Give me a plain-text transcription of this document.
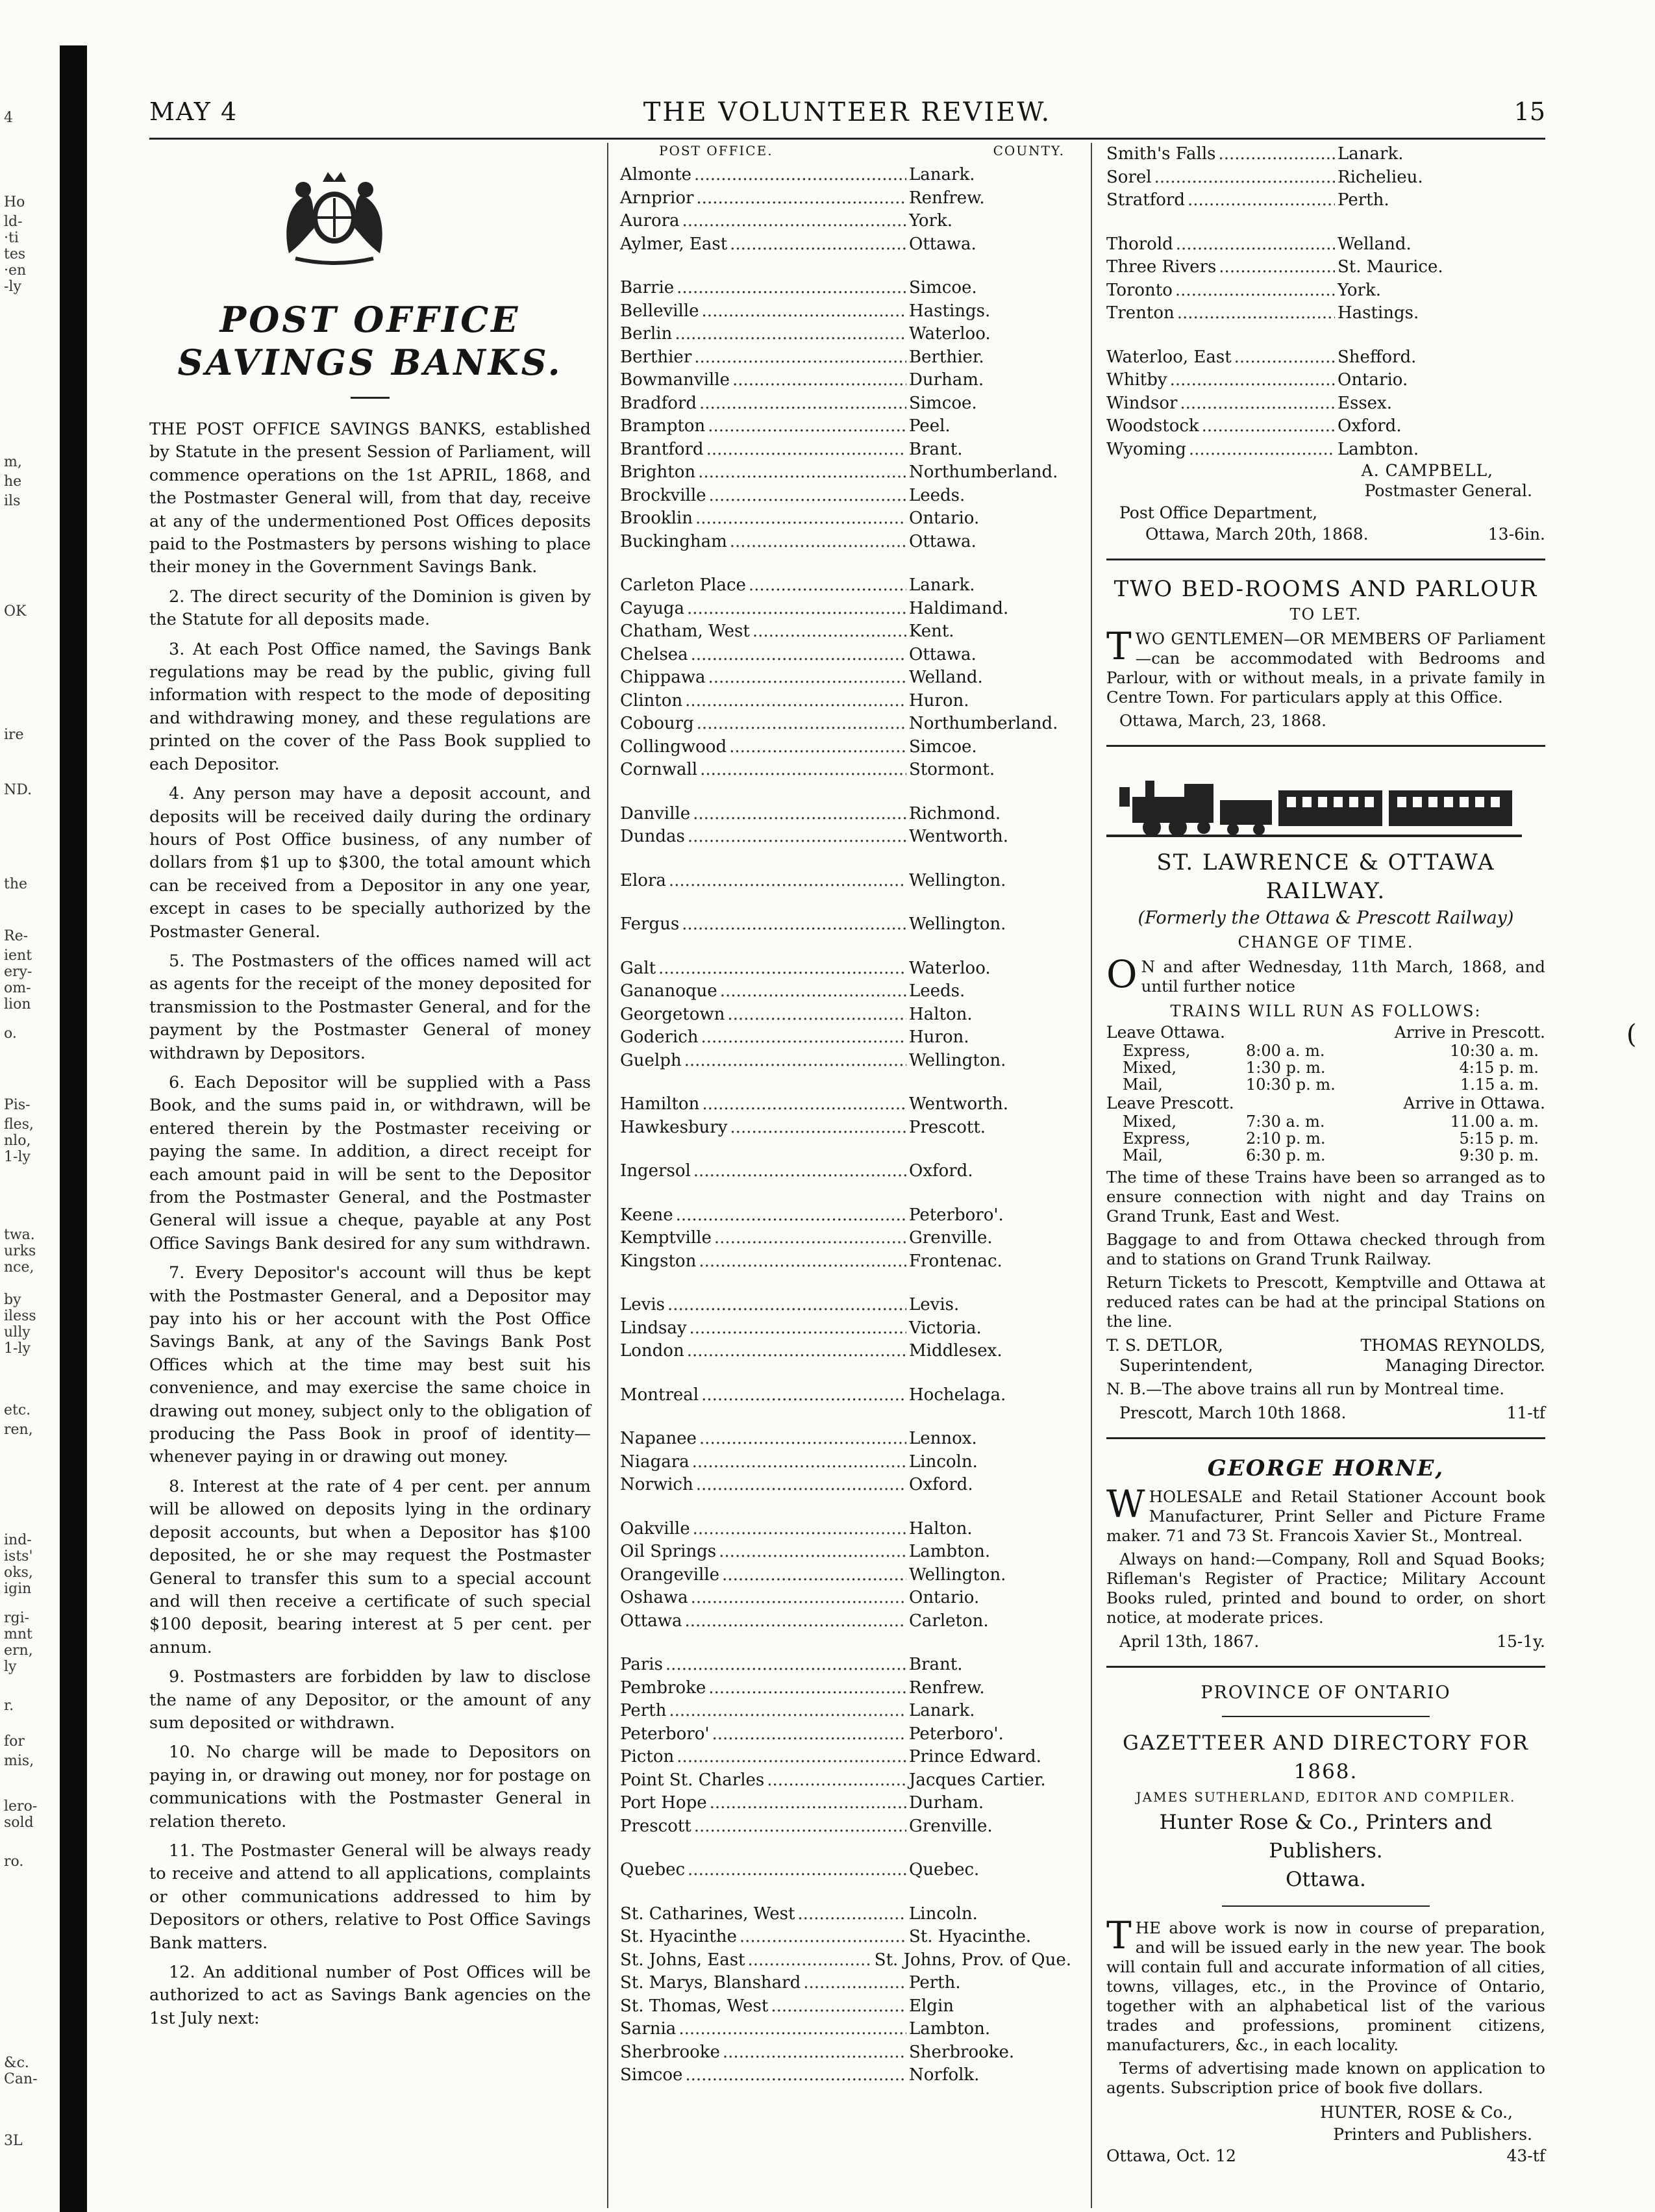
4
Ho
ld-
·ti
tes
·en
-ly
m,
he
ils
OK
ire
ND.
the
Re-
ient
ery-
om-
lion
o.
Pis-
fles,
nlo,
1-ly
twa.
urks
nce,
by
iless
ully
1-ly
etc.
ren,
ind-
ists'
oks,
igin
rgi-
mnt
ern,
ly
r.
for
mis,
lero-
sold
ro.
&c.
Can-
3L
(
MAY 4	THE VOLUNTEER REVIEW.	15
POST OFFICE SAVINGS BANKS.
THE POST OFFICE SAVINGS BANKS, established by Statute in the present Session of Parliament, will commence operations on the 1st APRIL, 1868, and the Postmaster General will, from that day, receive at any of the undermentioned Post Offices deposits paid to the Postmasters by persons wishing to place their money in the Government Savings Bank.
2. The direct security of the Dominion is given by the Statute for all deposits made.
3. At each Post Office named, the Savings Bank regulations may be read by the public, giving full information with respect to the mode of depositing and withdrawing money, and these regulations are printed on the cover of the Pass Book supplied to each Depositor.
4. Any person may have a deposit account, and deposits will be received daily during the ordinary hours of Post Office business, of any number of dollars from $1 up to $300, the total amount which can be received from a Depositor in any one year, except in cases to be specially authorized by the Postmaster General.
5. The Postmasters of the offices named will act as agents for the receipt of the money deposited for transmission to the Postmaster General, and for the payment by the Postmaster General of money withdrawn by Depositors.
6. Each Depositor will be supplied with a Pass Book, and the sums paid in, or withdrawn, will be entered therein by the Postmaster receiving or paying the same. In addition, a direct receipt for each amount paid in will be sent to the Depositor from the Postmaster General, and the Postmaster General will issue a cheque, payable at any Post Office Savings Bank desired for any sum withdrawn.
7. Every Depositor's account will thus be kept with the Postmaster General, and a Depositor may pay into his or her account with the Post Office Savings Bank, at any of the Savings Bank Post Offices which at the time may best suit his convenience, and may exercise the same choice in drawing out money, subject only to the obligation of producing the Pass Book in proof of identity—whenever paying in or drawing out money.
8. Interest at the rate of 4 per cent. per annum will be allowed on deposits lying in the ordinary deposit accounts, but when a Depositor has $100 deposited, he or she may request the Postmaster General to transfer this sum to a special account and will then receive a certificate of such special $100 deposit, bearing interest at 5 per cent. per annum.
9. Postmasters are forbidden by law to disclose the name of any Depositor, or the amount of any sum deposited or withdrawn.
10. No charge will be made to Depositors on paying in, or drawing out money, nor for postage on communications with the Postmaster General in relation thereto.
11. The Postmaster General will be always ready to receive and attend to all applications, complaints or other communications addressed to him by Depositors or others, relative to Post Office Savings Bank matters.
12. An additional number of Post Offices will be authorized to act as Savings Bank agencies on the 1st July next:
POST OFFICE.	COUNTY.
Almonte .....	Lanark.
Arnprior .....	Renfrew.
Aurora .....	York.
Aylmer, East .....	Ottawa.
Barrie .....	Simcoe.
Belleville .....	Hastings.
Berlin .....	Waterloo.
Berthier .....	Berthier.
Bowmanville .....	Durham.
Bradford .....	Simcoe.
Brampton .....	Peel.
Brantford .....	Brant.
Brighton .....	Northumberland.
Brockville .....	Leeds.
Brooklin .....	Ontario.
Buckingham .....	Ottawa.
Carleton Place .....	Lanark.
Cayuga .....	Haldimand.
Chatham, West .....	Kent.
Chelsea .....	Ottawa.
Chippawa .....	Welland.
Clinton .....	Huron.
Cobourg .....	Northumberland.
Collingwood .....	Simcoe.
Cornwall .....	Stormont.
Danville .....	Richmond.
Dundas .....	Wentworth.
Elora .....	Wellington.
Fergus .....	Wellington.
Galt .....	Waterloo.
Gananoque .....	Leeds.
Georgetown .....	Halton.
Goderich .....	Huron.
Guelph .....	Wellington.
Hamilton .....	Wentworth.
Hawkesbury .....	Prescott.
Ingersol .....	Oxford.
Keene .....	Peterboro'.
Kemptville .....	Grenville.
Kingston .....	Frontenac.
Levis .....	Levis.
Lindsay .....	Victoria.
London .....	Middlesex.
Montreal .....	Hochelaga.
Napanee .....	Lennox.
Niagara .....	Lincoln.
Norwich .....	Oxford.
Oakville .....	Halton.
Oil Springs .....	Lambton.
Orangeville .....	Wellington.
Oshawa .....	Ontario.
Ottawa .....	Carleton.
Paris .....	Brant.
Pembroke .....	Renfrew.
Perth .....	Lanark.
Peterboro' .....	Peterboro'.
Picton .....	Prince Edward.
Point St. Charles .....	Jacques Cartier.
Port Hope .....	Durham.
Prescott .....	Grenville.
Quebec .....	Quebec.
St. Catharines, West .....	Lincoln.
St. Hyacinthe .....	St. Hyacinthe.
St. Johns, East .....	St. Johns, Prov. of Que.
St. Marys, Blanshard .....	Perth.
St. Thomas, West .....	Elgin
Sarnia .....	Lambton.
Sherbrooke .....	Sherbrooke.
Simcoe .....	Norfolk.
Smith's Falls .....	Lanark.
Sorel .....	Richelieu.
Stratford .....	Perth.
Thorold .....	Welland.
Three Rivers .....	St. Maurice.
Toronto .....	York.
Trenton .....	Hastings.
Waterloo, East .....	Shefford.
Whitby .....	Ontario.
Windsor .....	Essex.
Woodstock .....	Oxford.
Wyoming .....	Lambton.
A. CAMPBELL,
Postmaster General.
Post Office Department,
Ottawa, March 20th, 1868.	13-6in.
TWO BED-ROOMS AND PARLOUR
TO LET.
TWO GENTLEMEN—OR MEMBERS OF Parliament—can be accommodated with Bedrooms and Parlour, with or without meals, in a private family in Centre Town. For particulars apply at this Office.
Ottawa, March, 23, 1868.
ST. LAWRENCE & OTTAWA RAILWAY.
(Formerly the Ottawa & Prescott Railway)
CHANGE OF TIME.
O N and after Wednesday, 11th March, 1868, and until further notice
TRAINS WILL RUN AS FOLLOWS:
Leave Ottawa.	Arrive in Prescott.
Express,	8:00 a. m.	10:30 a. m.
Mixed,	1:30 p. m.	4:15 p. m.
Mail,	10:30 p. m.	1.15 a. m.
Leave Prescott.	Arrive in Ottawa.
Mixed,	7:30 a. m.	11.00 a. m.
Express,	2:10 p. m.	5:15 p. m.
Mail,	6:30 p. m.	9:30 p. m.
The time of these Trains have been so arranged as to ensure connection with night and day Trains on Grand Trunk, East and West.
Baggage to and from Ottawa checked through from and to stations on Grand Trunk Railway.
Return Tickets to Prescott, Kemptville and Ottawa at reduced rates can be had at the principal Stations on the line.
T. S. DETLOR,	THOMAS REYNOLDS,
Superintendent,	Managing Director.
N. B.—The above trains all run by Montreal time.
Prescott, March 10th 1868.	11-tf
GEORGE HORNE,
WHOLESALE and Retail Stationer Account book Manufacturer, Print Seller and Picture Frame maker. 71 and 73 St. Francois Xavier St., Montreal.
Always on hand:—Company, Roll and Squad Books; Rifleman's Register of Practice; Military Account Books ruled, printed and bound to order, on short notice, at moderate prices.
April 13th, 1867.	15-1y.
PROVINCE OF ONTARIO
GAZETTEER AND DIRECTORY FOR 1868.
JAMES SUTHERLAND, EDITOR AND COMPILER.
Hunter Rose & Co., Printers and Publishers.
Ottawa.
THE above work is now in course of preparation, and will be issued early in the new year. The book will contain full and accurate information of all cities, towns, villages, etc., in the Province of Ontario, together with an alphabetical list of the various trades and professions, prominent citizens, manufacturers, &c., in each locality.
Terms of advertising made known on application to agents. Subscription price of book five dollars.
HUNTER, ROSE & Co.,
Printers and Publishers.
Ottawa, Oct. 12	43-tf
